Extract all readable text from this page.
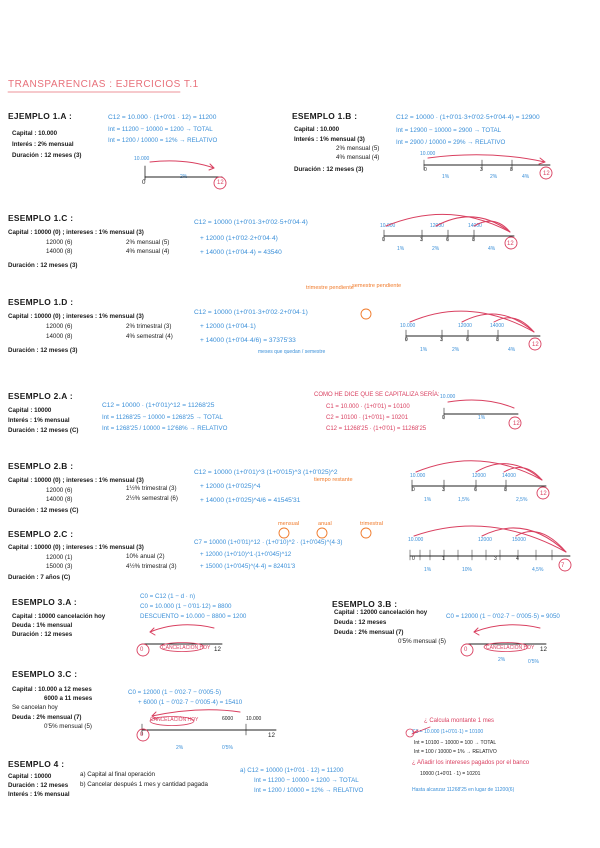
TRANSPARENCIAS : EJERCICIOS T.1
EJEMPLO 1.A :
Capital : 10.000
Interés : 2% mensual
Duración : 12 meses (3)
C12 = 10.000 · (1+0'01 · 12) = 11200
Int = 11200 − 10000 = 1200 → TOTAL
Int = 1200 / 10000 = 12% → RELATIVO
10.000
0
2%
12
ESEMPLO 1.B :
Capital : 10.000
Interés : 1% mensual (3)
2% mensual (5)
4% mensual (4)
Duración : 12 meses (3)
C12 = 10000 · (1+0'01·3+0'02·5+0'04·4) = 12900
Int = 12900 − 10000 = 2900 → TOTAL
Int = 2900 / 10000 = 29% → RELATIVO
10.000
0	3	8
12
1%	2%	4%
ESEMPLO 1.C :
Capital : 10000 (0) ; intereses : 1% mensual (3)
12000 (6)	2% mensual (5)
14000 (8)	4% mensual (4)
Duración : 12 meses (3)
C12 = 10000 (1+0'01·3+0'02·5+0'04·4)
+ 12000 (1+0'02·2+0'04·4)
+ 14000 (1+0'04·4) = 43540
10.000	12000	14000
0	3	6	8
12
1%	2%	4%
ESEMPLO 1.D :
Capital : 10000 (0) ; intereses : 1% mensual (3)
12000 (6)	2% trimestral (3)
14000 (8)	4% semestral (4)
Duración : 12 meses (3)
C12 = 10000 (1+0'01·3+0'02·2+0'04·1)
+ 12000 (1+0'04·1)
+ 14000 (1+0'04·4/6) = 37375'33
trimestre pendiente
semestre pendiente
meses que quedan / semestre
10.000	12000	14000
0	3	6	8
12
1%	2%	4%
ESEMPLO 2.A :
Capital : 10000
Interés : 1% mensual
Duración : 12 meses (C)
C12 = 10000 · (1+0'01)^12 = 11268'25
Int = 11268'25 − 10000 = 1268'25 → TOTAL
Int = 1268'25 / 10000 = 12'68% → RELATIVO
COMO HE DICE QUE SE CAPITALIZA SERÍA:
C1 = 10.000 · (1+0'01) = 10100
C2 = 10100 · (1+0'01) = 10201
C12 = 11268'25 · (1+0'01) = 11268'25
10.000
0	1%
12
ESEMPLO 2.B :
Capital : 10000 (0) ; intereses : 1% mensual (3)
12000 (6)	1½% trimestral (3)
14000 (8)	2½% semestral (6)
Duración : 12 meses (C)
C12 = 10000 (1+0'01)^3 (1+0'015)^3 (1+0'025)^2
+ 12000 (1+0'025)^4
+ 14000 (1+0'025)^4/6 = 41545'31
tiempo restante
10.000	12000	14000
0	3	6	8
12
1%	1,5%	2,5%
ESEMPLO 2.C :
Capital : 10000 (0) ; intereses : 1% mensual (3)
12000 (1)	10% anual (2)
15000 (3)	4½% trimestral (3)
Duración : 7 años (C)
C7 = 10000 (1+0'01)^12 · (1+0'10)^2 · (1+0'045)^(4·3)
+ 12000 (1+0'10)^1·(1+0'045)^12
+ 15000 (1+0'045)^(4·4) = 82401'3
mensual	anual	trimestral
10.000	12000	15000
0	1	3	4
7
1%	10%	4,5%
ESEMPLO 3.A :
Capital : 10000 cancelación hoy
Deuda : 1% mensual
Duración : 12 meses
C0 = C12 (1 − d · n)
C0 = 10.000 (1 − 0'01·12) = 8800
DESCUENTO = 10.000 − 8800 = 1200
0	CANCELACIÓN HOY 12
ESEMPLO 3.B :
Capital : 12000 cancelación hoy
Deuda : 12 meses
Deuda : 2% mensual (7)
0'5% mensual (5)
C0 = 12000 (1 − 0'02·7 − 0'005·5) = 9050
0	CANCELACIÓN HOY 12
2%	0'5%
ESEMPLO 3.C :
Capital : 10.000 a 12 meses
6000 a 11 meses
Se cancelan hoy
Deuda : 2% mensual (7)
0'5% mensual (5)
C0 = 12000 (1 − 0'02·7 − 0'005·5)
+ 6000 (1 − 0'02·7 − 0'005·4) = 15410
0
CANCELACIÓN HOY	6000	10.000
12
2%	0'5%
¿ Calcula montante 1 mes
C1 = 10.000 (1+0'01·1) = 10100
Int = 10100 − 10000 = 100 → TOTAL
Int = 100 / 10000 = 1% → RELATIVO
ESEMPLO 4 :
Capital : 10000
Duración : 12 meses
Interés : 1% mensual
a) Capital al final operación
b) Cancelar después 1 mes y cantidad pagada
a) C12 = 10000 (1+0'01 · 12) = 11200
Int = 11200 − 10000 = 1200 → TOTAL
Int = 1200 / 10000 = 12% → RELATIVO
¿ Añadir los intereses pagados por el banco
10000 (1+0'01 · 1) = 10201
Hasta alcanzar 11268'25 en lugar de 11200(6)
